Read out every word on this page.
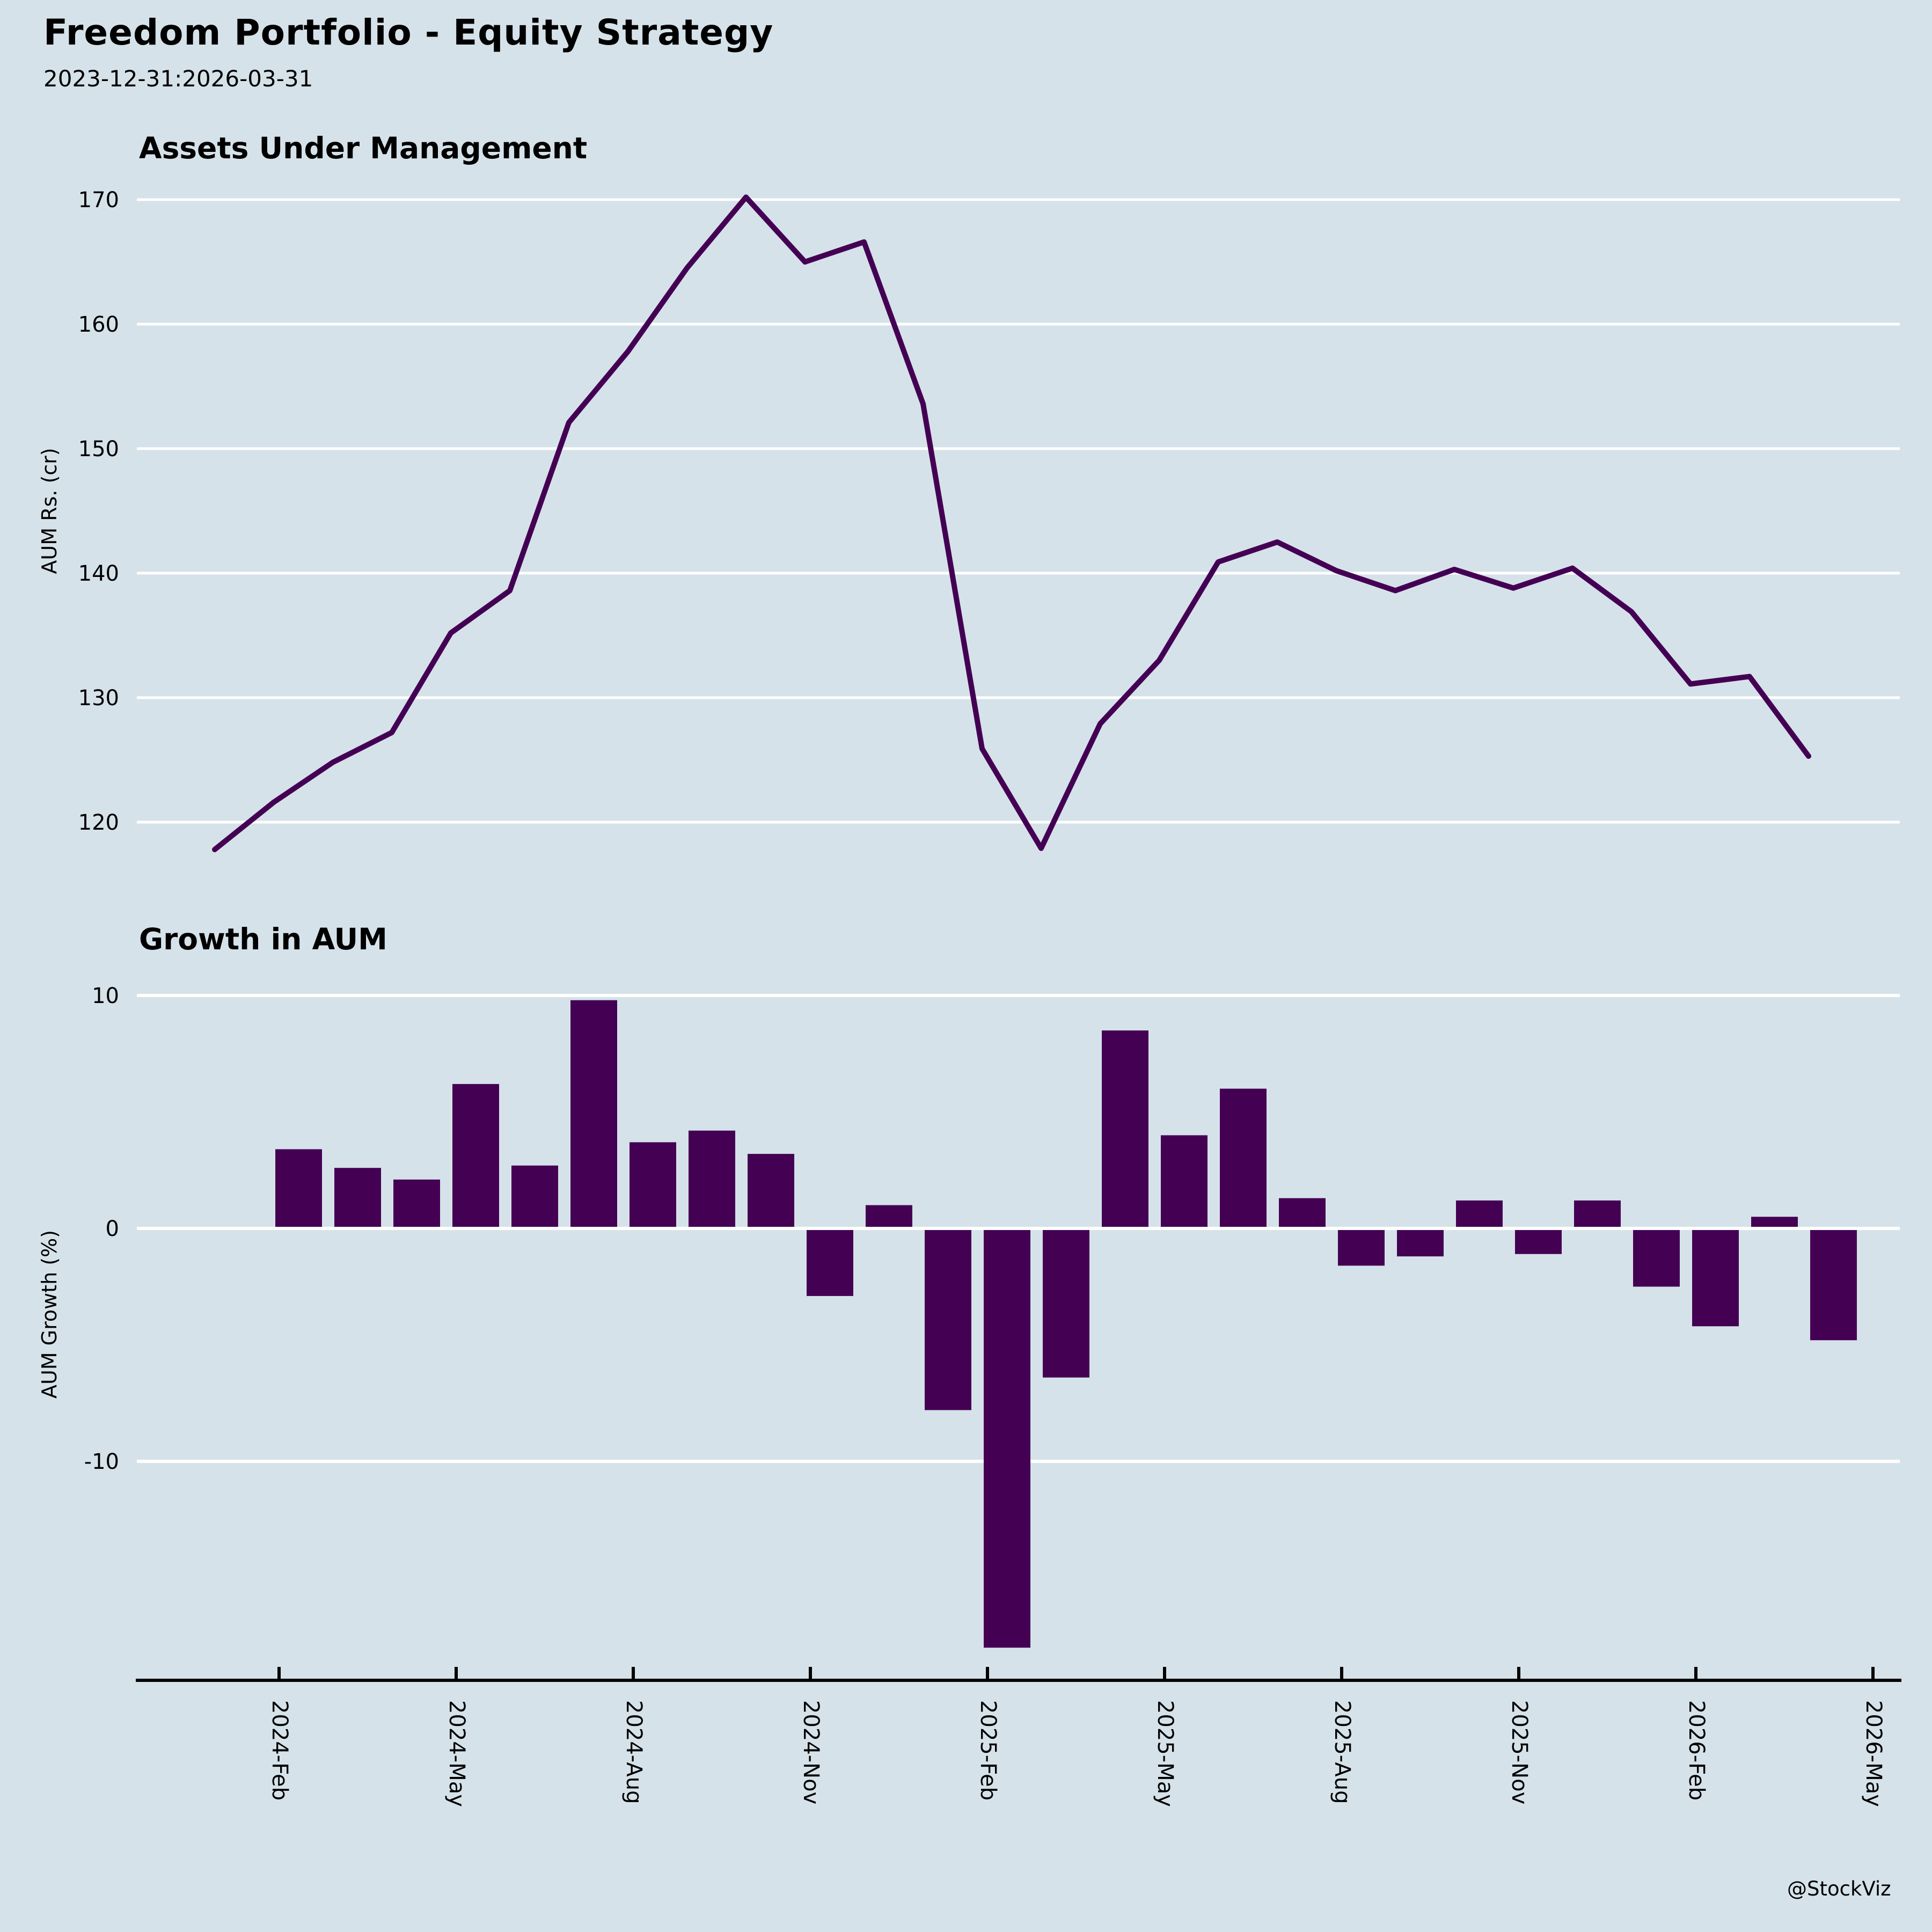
120
130
140
150
160
170
AUM Rs. (cr)
-10
0
10
AUM Growth (%)
2024-Feb	2024-May	2024-Aug	2024-Nov	2025-Feb	2025-May	2025-Aug	2025-Nov	2026-Feb	2026-May
Freedom Portfolio - Equity Strategy
2023-12-31:2026-03-31
Assets Under Management
Growth in AUM
@StockViz
